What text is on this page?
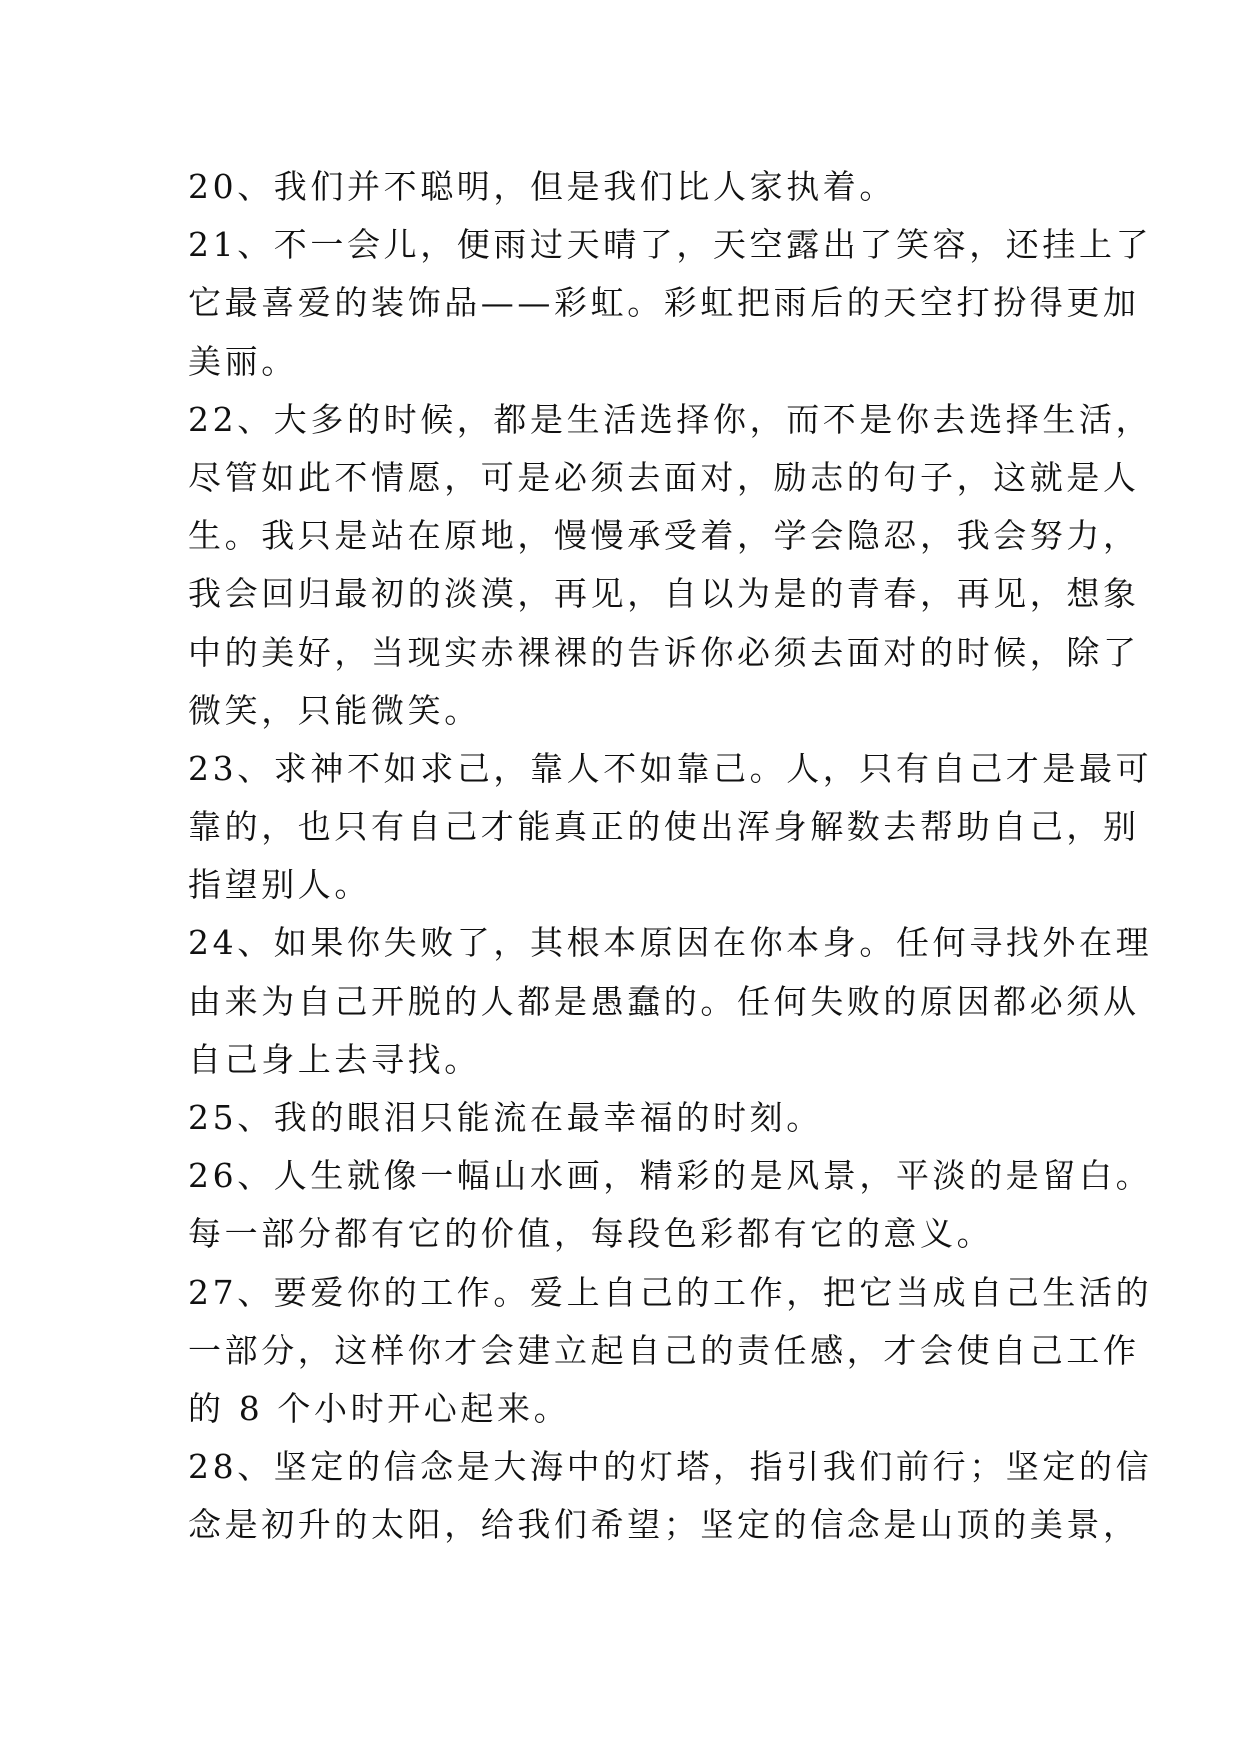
20、我们并不聪明，但是我们比人家执着。
21、不一会儿，便雨过天晴了，天空露出了笑容，还挂上了
它最喜爱的装饰品——彩虹。彩虹把雨后的天空打扮得更加
美丽。
22、大多的时候，都是生活选择你，而不是你去选择生活，
尽管如此不情愿，可是必须去面对，励志的句子，这就是人
生。我只是站在原地，慢慢承受着，学会隐忍，我会努力，
我会回归最初的淡漠，再见，自以为是的青春，再见，想象
中的美好，当现实赤裸裸的告诉你必须去面对的时候，除了
微笑，只能微笑。
23、求神不如求己，靠人不如靠己。人，只有自己才是最可
靠的，也只有自己才能真正的使出浑身解数去帮助自己，别
指望别人。
24、如果你失败了，其根本原因在你本身。任何寻找外在理
由来为自己开脱的人都是愚蠢的。任何失败的原因都必须从
自己身上去寻找。
25、我的眼泪只能流在最幸福的时刻。
26、人生就像一幅山水画，精彩的是风景，平淡的是留白。
每一部分都有它的价值，每段色彩都有它的意义。
27、要爱你的工作。爱上自己的工作，把它当成自己生活的
一部分，这样你才会建立起自己的责任感，才会使自己工作
的 8 个小时开心起来。
28、坚定的信念是大海中的灯塔，指引我们前行；坚定的信
念是初升的太阳，给我们希望；坚定的信念是山顶的美景，
